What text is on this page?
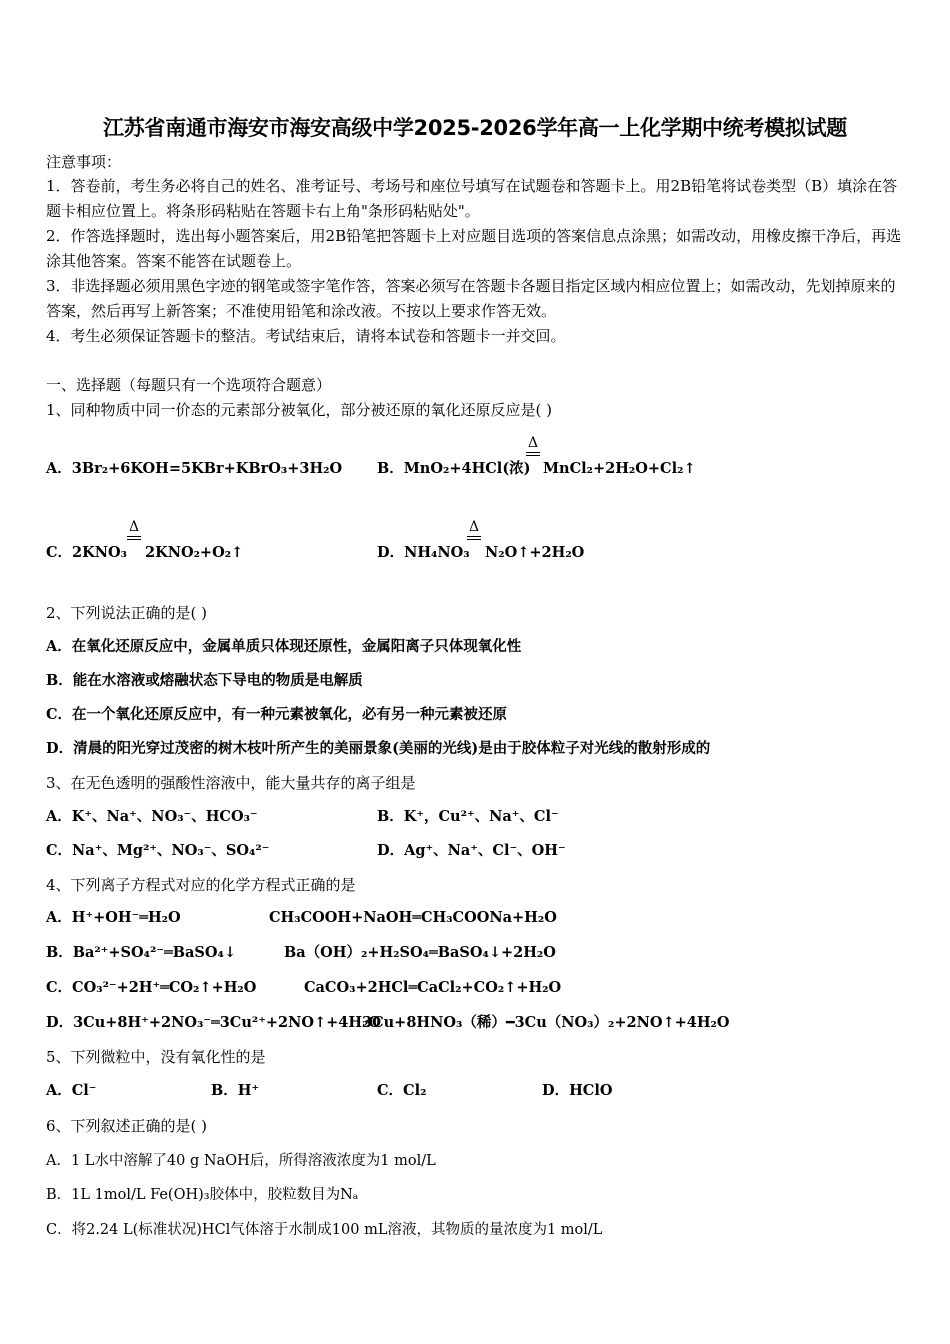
江苏省南通市海安市海安高级中学2025-2026学年高一上化学期中统考模拟试题
注意事项：
1．答卷前，考生务必将自己的姓名、准考证号、考场号和座位号填写在试题卷和答题卡上。用2B铅笔将试卷类型（B）填涂在答题卡相应位置上。将条形码粘贴在答题卡右上角"条形码粘贴处"。
2．作答选择题时，选出每小题答案后，用2B铅笔把答题卡上对应题目选项的答案信息点涂黑；如需改动，用橡皮擦干净后，再选涂其他答案。答案不能答在试题卷上。
3．非选择题必须用黑色字迹的钢笔或签字笔作答，答案必须写在答题卡各题目指定区域内相应位置上；如需改动，先划掉原来的答案，然后再写上新答案；不准使用铅笔和涂改液。不按以上要求作答无效。
4．考生必须保证答题卡的整洁。考试结束后，请将本试卷和答题卡一并交回。
一、选择题（每题只有一个选项符合题意）
1、同种物质中同一价态的元素部分被氧化，部分被还原的氧化还原反应是( )
A．3Br₂+6KOH=5KBr+KBrO₃+3H₂O B．MnO₂+4HCl(浓)
Δ
MnCl₂+2H₂O+Cl₂↑
C．2KNO₃
Δ
2KNO₂+O₂↑	D．NH₄NO₃
Δ
N₂O↑+2H₂O
2、下列说法正确的是( )
A．在氧化还原反应中，金属单质只体现还原性，金属阳离子只体现氧化性
B．能在水溶液或熔融状态下导电的物质是电解质
C．在一个氧化还原反应中，有一种元素被氧化，必有另一种元素被还原
D．清晨的阳光穿过茂密的树木枝叶所产生的美丽景象(美丽的光线)是由于胶体粒子对光线的散射形成的
3、在无色透明的强酸性溶液中，能大量共存的离子组是
A．K⁺、Na⁺、NO₃⁻、HCO₃⁻	B．K⁺，Cu²⁺、Na⁺、Cl⁻
C．Na⁺、Mg²⁺、NO₃⁻、SO₄²⁻	D．Ag⁺、Na⁺、Cl⁻、OH⁻
4、下列离子方程式对应的化学方程式正确的是
A．H⁺+OH⁻═H₂O	CH₃COOH+NaOH═CH₃COONa+H₂O
B．Ba²⁺+SO₄²⁻═BaSO₄↓	Ba（OH）₂+H₂SO₄═BaSO₄↓+2H₂O
C．CO₃²⁻+2H⁺═CO₂↑+H₂O	CaCO₃+2HCl═CaCl₂+CO₂↑+H₂O
D．3Cu+8H⁺+2NO₃⁻═3Cu²⁺+2NO↑+4H₂O
3Cu+8HNO₃（稀）━3Cu（NO₃）₂+2NO↑+4H₂O
5、下列微粒中，没有氧化性的是
A．Cl⁻	B．H⁺	C．Cl₂	D．HClO
6、下列叙述正确的是( )
A．1 L水中溶解了40 g NaOH后，所得溶液浓度为1 mol/L
B．1L 1mol/L Fe(OH)₃胶体中，胶粒数目为Nₐ
C．将2.24 L(标准状况)HCl气体溶于水制成100 mL溶液，其物质的量浓度为1 mol/L
